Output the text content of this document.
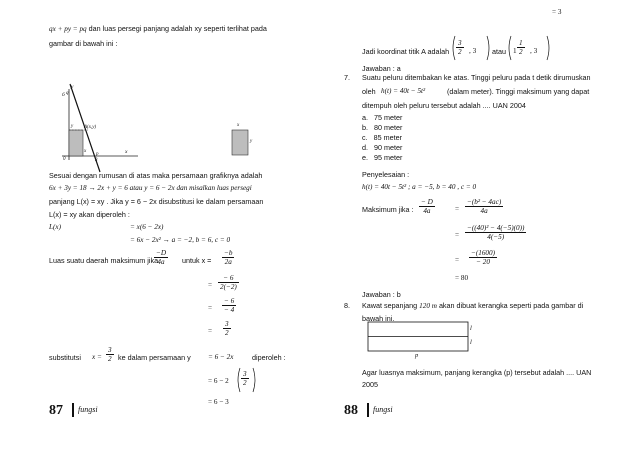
qx + py = pq dan luas persegi panjang adalah xy seperti terlihat pada
gambar di bawah ini :
y
6 q
A(x,y)
y
x
p
0	3
x
x
y
Sesuai dengan rumusan di atas maka persamaan grafiknya adalah
6x + 3y = 18 → 2x + y = 6 atau y = 6 − 2x dan misalkan luas persegi
panjang L(x) = xy . Jika y = 6 − 2x disubstitusi ke dalam persamaan
L(x) = xy akan diperoleh :
L(x)	= x(6 − 2x)
= 6x − 2x² → a = −2, b = 6, c = 0
Luas suatu daerah maksimum jika
$\frac{-D}{4a}$ untuk $x = \frac{-b}{2a}$
= $\frac{- 6}{2(-2)}$
= $\frac{- 6}{- 4}$
= $\frac{3}{2}$
substitutsi $x = \frac{3}{2}$ ke dalam persamaan y = 6 − 2x	diperoleh :
= $6 - 2 \frac{3}{2}$
= 6 − 3
87 fungsi
= 3
Jadi koordinat titik A adalah $\frac{3}{2}$ , 3 atau $1 \frac{1}{2}$ , 3
Jawaban : a
7. Suatu peluru ditembakan ke atas. Tinggi peluru pada t detik dirumuskan
oleh h(t) = 40t − 5t²	(dalam meter). Tinggi maksimum yang dapat
ditempuh oleh peluru tersebut adalah .... UAN 2004
a. 75 meter
b. 80 meter
c. 85 meter
d. 90 meter
e. 95 meter
Penyelesaian :
h(t) = 40t − 5t² ; a = −5, b = 40 , c = 0
Maksimum jika : $\frac{- D}{4a}$	= $\frac{\text{−(b² − 4ac)}}{4a}$
= $\frac{\text{−((40)² − 4(−5)(0))}}{4(-5)}$
= $\frac{-(1600)}{- 20}$
= 80
Jawaban : b
8. Kawat sepanjang 120 m akan dibuat kerangka seperti pada gambar di
bawah ini.
l
l
p
Agar luasnya maksimum, panjang kerangka (p) tersebut adalah .... UAN
2005
88 fungsi
